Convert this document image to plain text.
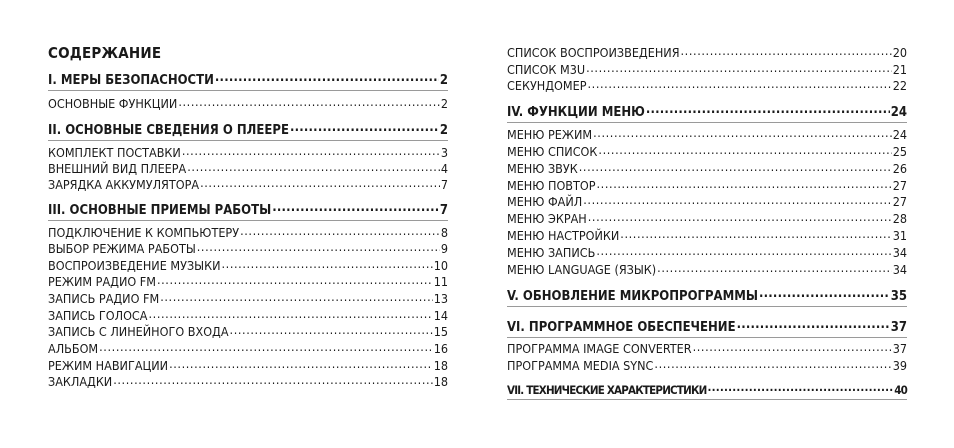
СОДЕРЖАНИЕ
I. МЕРЫ БЕЗОПАСНОСТИ .....	2
ОСНОВНЫЕ ФУНКЦИИ .....	2
II. ОСНОВНЫЕ СВЕДЕНИЯ О ПЛЕЕРЕ .....	2
КОМПЛЕКТ ПОСТАВКИ .....	3
ВНЕШНИЙ ВИД ПЛЕЕРА .....	4
ЗАРЯДКА АККУМУЛЯТОРА .....	7
III. ОСНОВНЫЕ ПРИЕМЫ РАБОТЫ .....	7
ПОДКЛЮЧЕНИЕ К КОМПЬЮТЕРУ .....	8
ВЫБОР РЕЖИМА РАБОТЫ .....	9
ВОСПРОИЗВЕДЕНИЕ МУЗЫКИ .....	10
РЕЖИМ РАДИО FM .....	11
ЗАПИСЬ РАДИО FM .....	13
ЗАПИСЬ ГОЛОСА .....	14
ЗАПИСЬ С ЛИНЕЙНОГО ВХОДА .....	15
АЛЬБОМ .....	16
РЕЖИМ НАВИГАЦИИ .....	18
ЗАКЛАДКИ .....	18
СПИСОК ВОСПРОИЗВЕДЕНИЯ .....	20
СПИСОК M3U .....	21
СЕКУНДОМЕР .....	22
IV. ФУНКЦИИ МЕНЮ .....	24
МЕНЮ РЕЖИМ .....	24
МЕНЮ СПИСОК .....	25
МЕНЮ ЗВУК .....	26
МЕНЮ ПОВТОР .....	27
МЕНЮ ФАЙЛ .....	27
МЕНЮ ЭКРАН .....	28
МЕНЮ НАСТРОЙКИ .....	31
МЕНЮ ЗАПИСЬ .....	34
МЕНЮ LANGUAGE (ЯЗЫК) .....	34
V. ОБНОВЛЕНИЕ МИКРОПРОГРАММЫ .....	35
VI. ПРОГРАММНОЕ ОБЕСПЕЧЕНИЕ .....	37
ПРОГРАММА IMAGE CONVERTER .....	37
ПРОГРАММА MEDIA SYNC .....	39
VII. ТЕХНИЧЕСКИЕ ХАРАКТЕРИСТИКИ .....	40
